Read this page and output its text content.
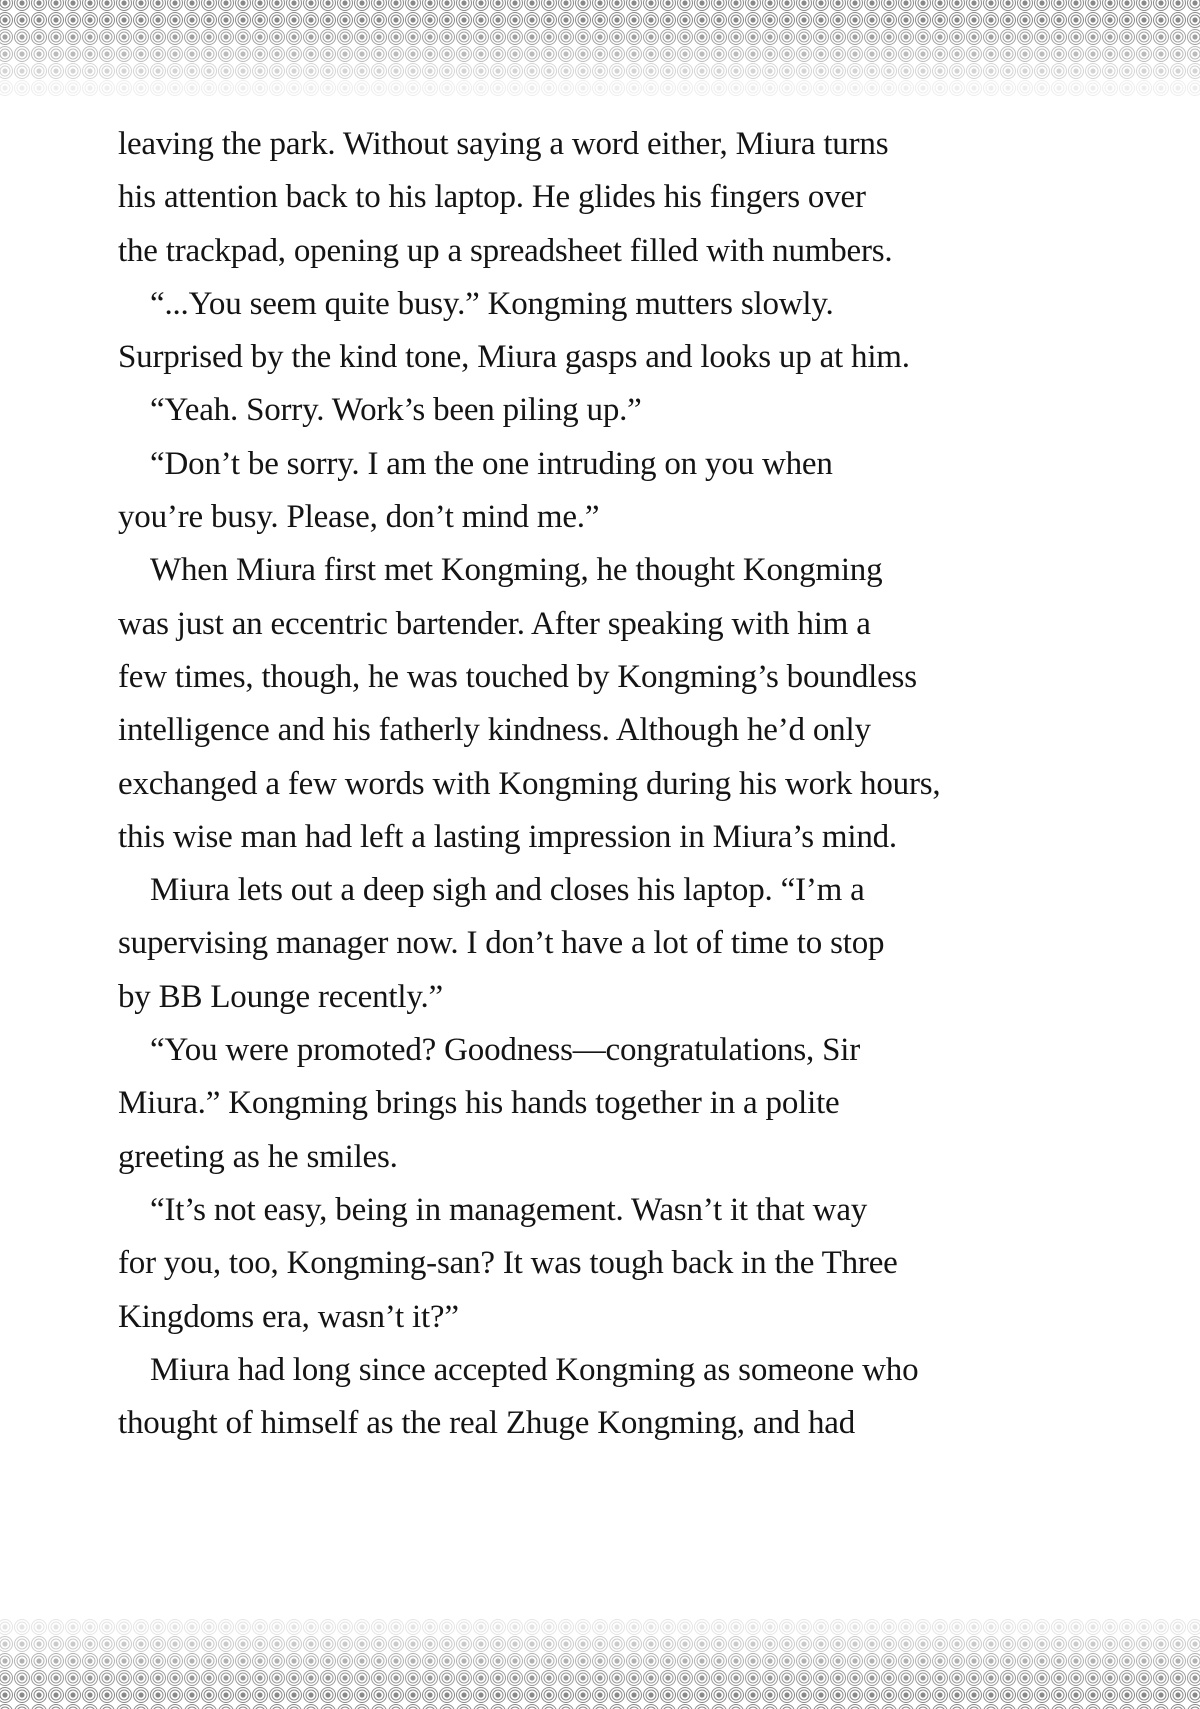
leaving the park. Without saying a word either, Miura turns
his attention back to his laptop. He glides his fingers over
the trackpad, opening up a spreadsheet filled with numbers.
“...You seem quite busy.” Kongming mutters slowly.
Surprised by the kind tone, Miura gasps and looks up at him.
“Yeah. Sorry. Work’s been piling up.”
“Don’t be sorry. I am the one intruding on you when
you’re busy. Please, don’t mind me.”
When Miura first met Kongming, he thought Kongming
was just an eccentric bartender. After speaking with him a
few times, though, he was touched by Kongming’s boundless
intelligence and his fatherly kindness. Although he’d only
exchanged a few words with Kongming during his work hours,
this wise man had left a lasting impression in Miura’s mind.
Miura lets out a deep sigh and closes his laptop. “I’m a
supervising manager now. I don’t have a lot of time to stop
by BB Lounge recently.”
“You were promoted? Goodness—congratulations, Sir
Miura.” Kongming brings his hands together in a polite
greeting as he smiles.
“It’s not easy, being in management. Wasn’t it that way
for you, too, Kongming-san? It was tough back in the Three
Kingdoms era, wasn’t it?”
Miura had long since accepted Kongming as someone who
thought of himself as the real Zhuge Kongming, and had
